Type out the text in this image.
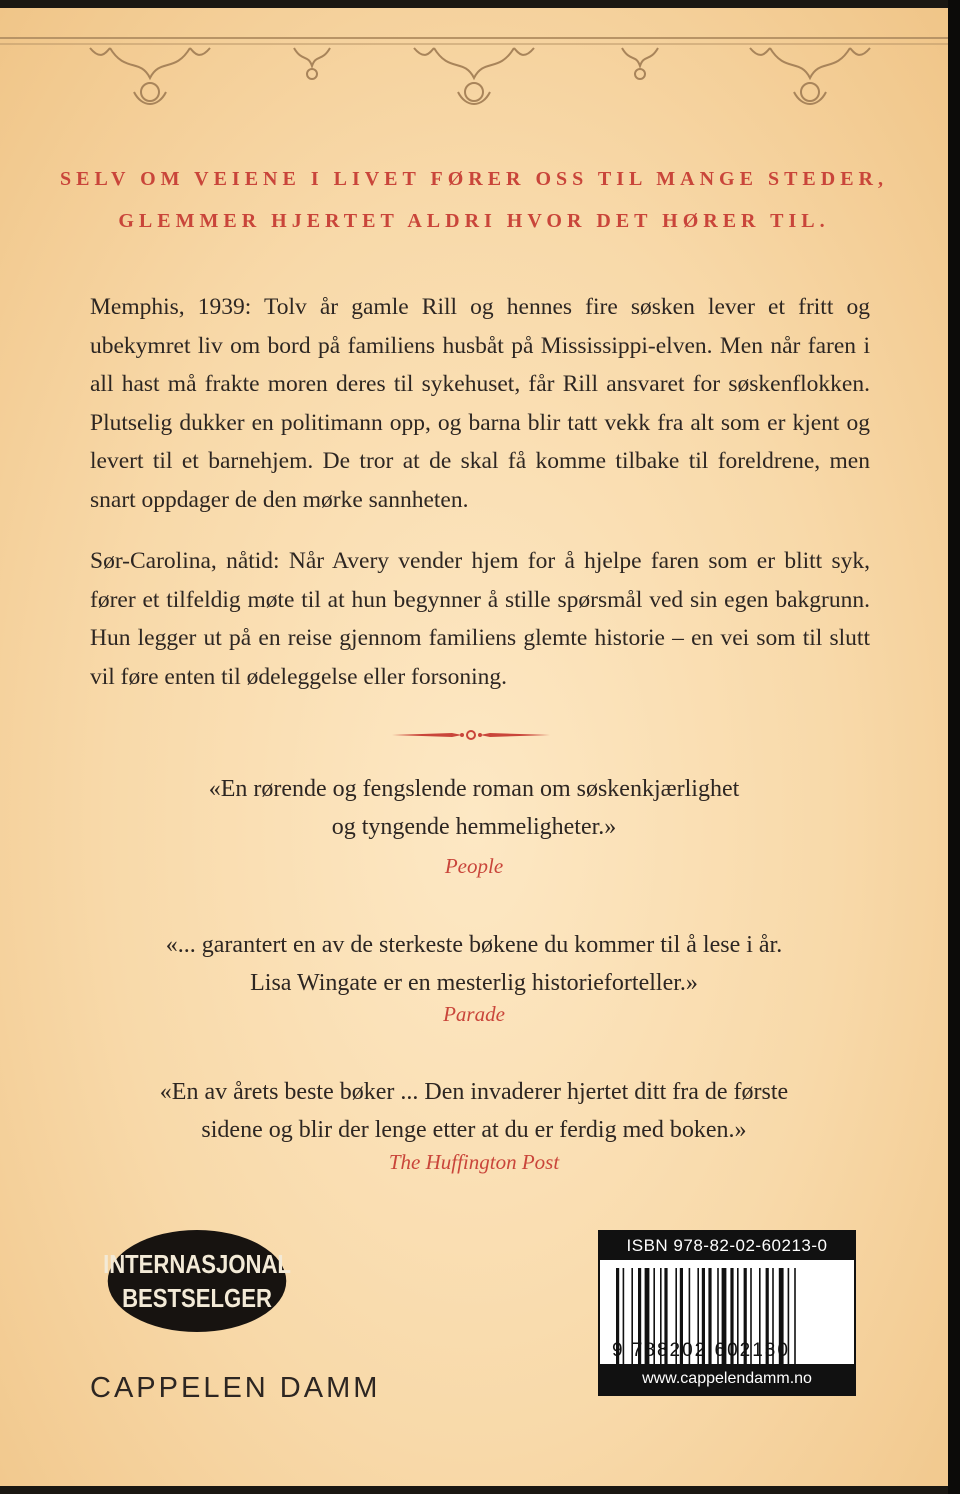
SELV OM VEIENE I LIVET FØRER OSS TIL MANGE STEDER,
GLEMMER HJERTET ALDRI HVOR DET HØRER TIL.

Memphis, 1939: Tolv år gamle Rill og hennes fire søsken lever et fritt og ubekymret liv om bord på familiens husbåt på Mississippi-elven. Men når faren i all hast må frakte moren deres til sykehuset, får Rill ansvaret for søskenflokken. Plutselig dukker en politimann opp, og barna blir tatt vekk fra alt som er kjent og levert til et barnehjem. De tror at de skal få komme tilbake til foreldrene, men snart oppdager de den mørke sannheten.

Sør-Carolina, nåtid: Når Avery vender hjem for å hjelpe faren som er blitt syk, fører et tilfeldig møte til at hun begynner å stille spørsmål ved sin egen bakgrunn. Hun legger ut på en reise gjennom familiens glemte historie – en vei som til slutt vil føre enten til ødeleggelse eller forsoning.

«En rørende og fengslende roman om søskenkjærlighet
og tyngende hemmeligheter.»
People
«... garantert en av de sterkeste bøkene du kommer til å lese i år.
Lisa Wingate er en mesterlig historieforteller.»
Parade
«En av årets beste bøker ... Den invaderer hjertet ditt fra de første
sidene og blir der lenge etter at du er ferdig med boken.»
The Huffington Post
INTERNASJONAL
BESTSELGER
CAPPELEN DAMM
ISBN 978-82-02-60213-0
9 788202 602130
www.cappelendamm.no
